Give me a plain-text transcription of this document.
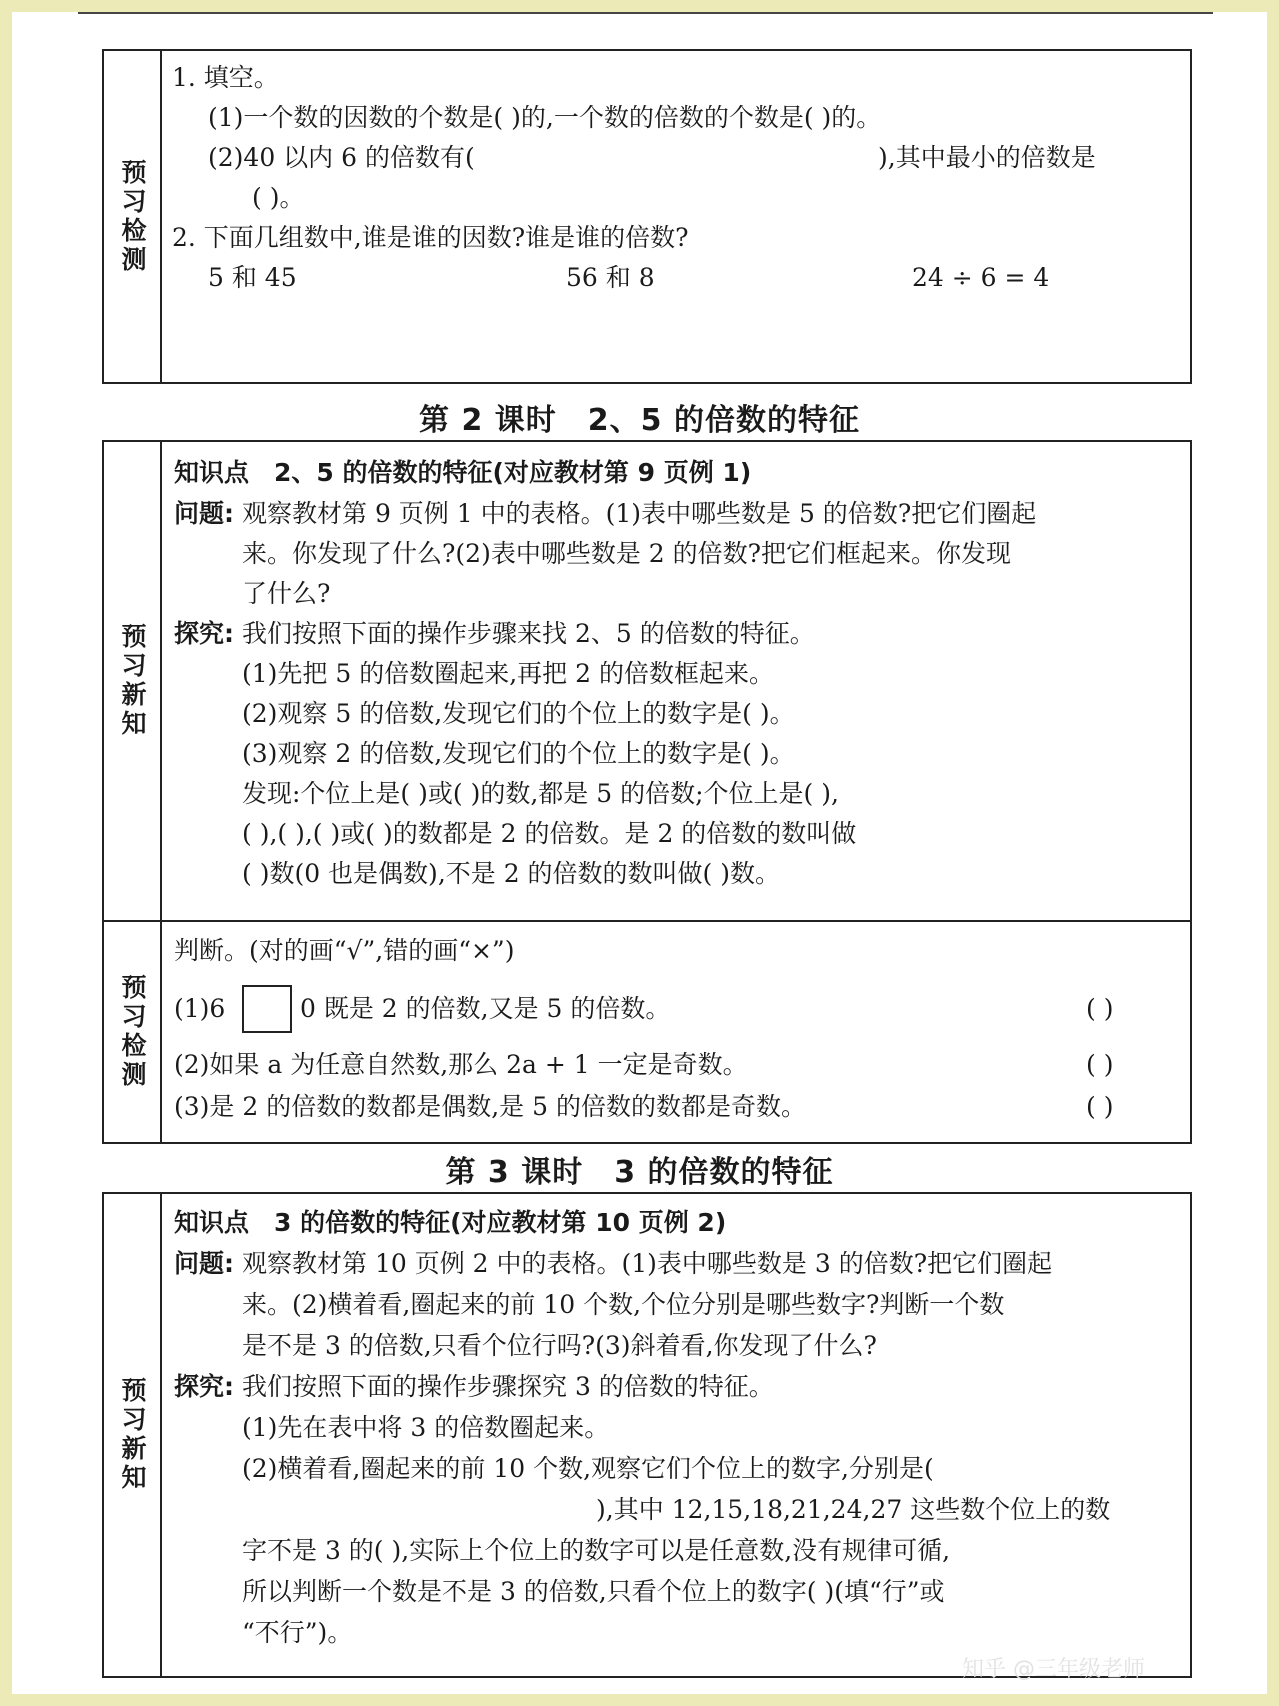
预习检测
1. 填空。
(1)一个数的因数的个数是( )的,一个数的倍数的个数是( )的。
(2)40 以内 6 的倍数有(	),其中最小的倍数是
( )。
2. 下面几组数中,谁是谁的因数?谁是谁的倍数?
5 和 45	56 和 8	24 ÷ 6 = 4
第 2 课时　2、5 的倍数的特征
预习新知
预习检测
知识点　2、5 的倍数的特征(对应教材第 9 页例 1)
问题: 观察教材第 9 页例 1 中的表格。(1)表中哪些数是 5 的倍数?把它们圈起
来。你发现了什么?(2)表中哪些数是 2 的倍数?把它们框起来。你发现
了什么?
探究: 我们按照下面的操作步骤来找 2、5 的倍数的特征。
(1)先把 5 的倍数圈起来,再把 2 的倍数框起来。
(2)观察 5 的倍数,发现它们的个位上的数字是( )。
(3)观察 2 的倍数,发现它们的个位上的数字是( )。
发现:个位上是( )或( )的数,都是 5 的倍数;个位上是( ),
( ),( ),( )或( )的数都是 2 的倍数。是 2 的倍数的数叫做
( )数(0 也是偶数),不是 2 的倍数的数叫做( )数。
判断。(对的画“√”,错的画“×”)
(1)6	0 既是 2 的倍数,又是 5 的倍数。	( )
(2)如果 a 为任意自然数,那么 2a + 1 一定是奇数。	( )
(3)是 2 的倍数的数都是偶数,是 5 的倍数的数都是奇数。	( )
第 3 课时　3 的倍数的特征
预习新知
知识点　3 的倍数的特征(对应教材第 10 页例 2)
问题: 观察教材第 10 页例 2 中的表格。(1)表中哪些数是 3 的倍数?把它们圈起
来。(2)横着看,圈起来的前 10 个数,个位分别是哪些数字?判断一个数
是不是 3 的倍数,只看个位行吗?(3)斜着看,你发现了什么?
探究: 我们按照下面的操作步骤探究 3 的倍数的特征。
(1)先在表中将 3 的倍数圈起来。
(2)横着看,圈起来的前 10 个数,观察它们个位上的数字,分别是(
),其中 12,15,18,21,24,27 这些数个位上的数
字不是 3 的( ),实际上个位上的数字可以是任意数,没有规律可循,
所以判断一个数是不是 3 的倍数,只看个位上的数字( )(填“行”或
“不行”)。
知乎 @三年级老师
